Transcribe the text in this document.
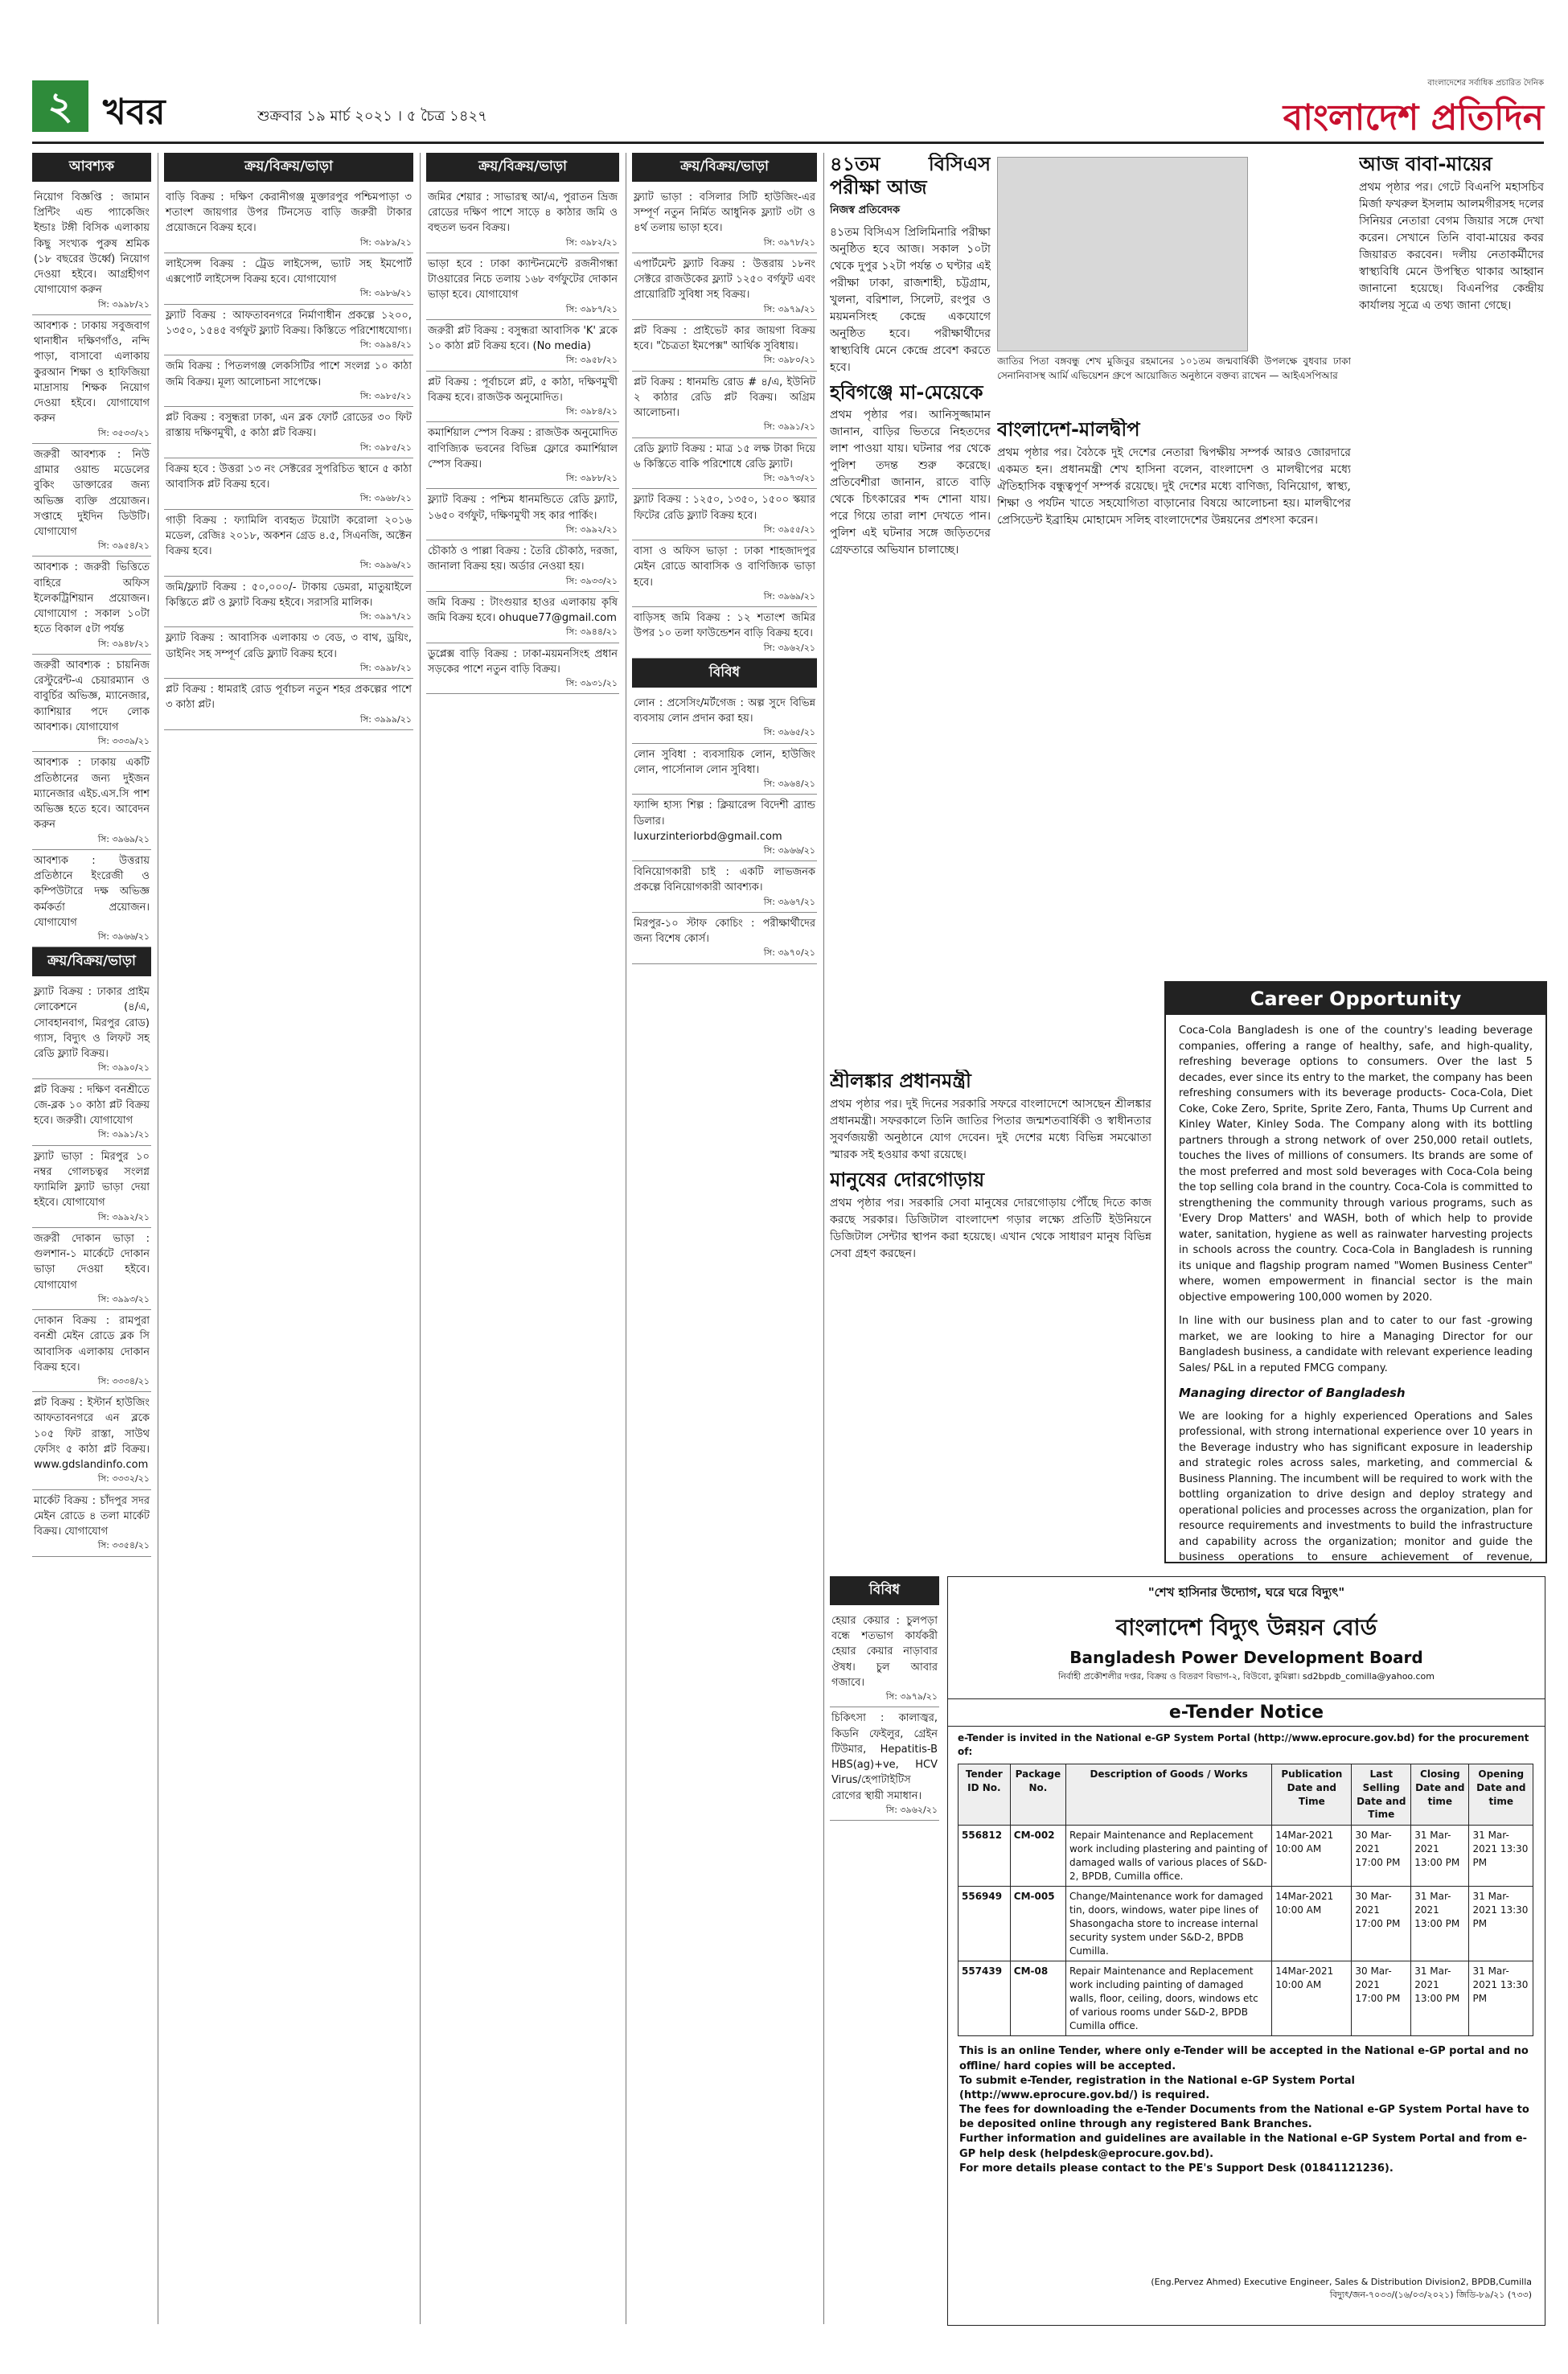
২ খবর	শুক্রবার ১৯ মার্চ ২০২১ । ৫ চৈত্র ১৪২৭
বাংলাদেশের সর্বাধিক প্রচারিত দৈনিক
বাংলাদেশ প্রতিদিন
আবশ্যক
নিয়োগ বিজ্ঞপ্তি : জামান প্রিন্টিং এন্ড প্যাকেজিং ইন্ডাঃ টঙ্গী বিসিক এলাকায় কিছু সংখ্যক পুরুষ শ্রমিক (১৮ বছরের উর্ধ্বে) নিয়োগ দেওয়া হইবে। আগ্রহীগণ যোগাযোগ করুন
সি: ৩৯৯৮/২১
আবশ্যক : ঢাকায় সবুজবাগ থানাধীন দক্ষিণগাঁও, নন্দি পাড়া, বাসাবো এলাকায় কুরআন শিক্ষা ও হাফিজিয়া মাদ্রাসায় শিক্ষক নিয়োগ দেওয়া হইবে। যোগাযোগ করুন
সি: ৩৫৩৩/২১
জরুরী আবশ্যক : নিউ গ্রামার ওয়ান্ড মডেলের বুকিং ডাক্তারের জন্য অভিজ্ঞ ব্যক্তি প্রয়োজন। সপ্তাহে দুইদিন ডিউটি। যোগাযোগ
সি: ৩৯৫৪/২১
আবশ্যক : জরুরী ভিত্তিতে বাহিরে অফিস ইলেকট্রিশিয়ান প্রয়োজন। যোগাযোগ : সকাল ১০টা হতে বিকাল ৫টা পর্যন্ত
সি: ৩৯৪৮/২১
জরুরী আবশ্যক : চায়নিজ রেস্টুরেন্ট-এ চেয়ারম্যান ও বাবুর্চির অভিজ্ঞ, ম্যানেজার, ক্যাশিয়ার পদে লোক আবশ্যক। যোগাযোগ
সি: ৩৩৩৯/২১
আবশ্যক : ঢাকায় একটি প্রতিষ্ঠানের জন্য দুইজন ম্যানেজার এইচ.এস.সি পাশ অভিজ্ঞ হতে হবে। আবেদন করুন
সি: ৩৯৬৯/২১
আবশ্যক : উত্তরায় প্রতিষ্ঠানে ইংরেজী ও কম্পিউটারে দক্ষ অভিজ্ঞ কর্মকর্তা প্রয়োজন। যোগাযোগ
সি: ৩৯৬৬/২১
ক্রয়/বিক্রয়/ভাড়া
ফ্ল্যাট বিক্রয় : ঢাকার প্রাইম লোকেশনে (৪/এ, সোবহানবাগ, মিরপুর রোড) গ্যাস, বিদ্যুৎ ও লিফট সহ রেডি ফ্ল্যাট বিক্রয়।
সি: ৩৯৯০/২১
প্লট বিক্রয় : দক্ষিণ বনশ্রীতে জে-ব্লক ১০ কাঠা প্লট বিক্রয় হবে। জরুরী। যোগাযোগ
সি: ৩৯৯১/২১
ফ্ল্যাট ভাড়া : মিরপুর ১০ নম্বর গোলচত্বর সংলগ্ন ফ্যামিলি ফ্ল্যাট ভাড়া দেয়া হইবে। যোগাযোগ
সি: ৩৯৯২/২১
জরুরী দোকান ভাড়া : গুলশান-১ মার্কেটে দোকান ভাড়া দেওয়া হইবে। যোগাযোগ
সি: ৩৯৯৩/২১
দোকান বিক্রয় : রামপুরা বনশ্রী মেইন রোডে ব্লক সি আবাসিক এলাকায় দোকান বিক্রয় হবে।
সি: ৩৩৩৪/২১
প্লট বিক্রয় : ইস্টার্ন হাউজিং আফতাবনগরে এন ব্লকে ১০৫ ফিট রাস্তা, সাউথ ফেসিং ৫ কাঠা প্লট বিক্রয়। www.gdslandinfo.com
সি: ৩৩৩২/২১
মার্কেট বিক্রয় : চাঁদপুর সদর মেইন রোডে ৪ তলা মার্কেট বিক্রয়। যোগাযোগ
সি: ৩৩৫৪/২১
ক্রয়/বিক্রয়/ভাড়া
বাড়ি বিক্রয় : দক্ষিণ কেরানীগঞ্জ মুক্তারপুর পশ্চিমপাড়া ৩ শতাংশ জায়গার উপর টিনসেড বাড়ি জরুরী টাকার প্রয়োজনে বিক্রয় হবে।
সি: ৩৯৮৯/২১
লাইসেন্স বিক্রয় : ট্রেড লাইসেন্স, ভ্যাট সহ ইমপোর্ট এক্সপোর্ট লাইসেন্স বিক্রয় হবে। যোগাযোগ
সি: ৩৯৮৬/২১
ফ্ল্যাট বিক্রয় : আফতাবনগরে নির্মাণাধীন প্রকল্পে ১২০০, ১৩৫০, ১৫৪৫ বর্গফুট ফ্ল্যাট বিক্রয়। কিস্তিতে পরিশোধযোগ্য।
সি: ৩৯৯৪/২১
জমি বিক্রয় : পিতলগঞ্জ লেকসিটির পাশে সংলগ্ন ১০ কাঠা জমি বিক্রয়। মূল্য আলোচনা সাপেক্ষে।
সি: ৩৯৮৫/২১
প্লট বিক্রয় : বসুন্ধরা ঢাকা, এন ব্লক ফোর্ট রোডের ৩০ ফিট রাস্তায় দক্ষিণমুখী, ৫ কাঠা প্লট বিক্রয়।
সি: ৩৯৮৫/২১
বিক্রয় হবে : উত্তরা ১৩ নং সেক্টরের সুপরিচিত স্থানে ৫ কাঠা আবাসিক প্লট বিক্রয় হবে।
সি: ৩৯৬৮/২১
গাড়ী বিক্রয় : ফ্যামিলি ব্যবহৃত টয়োটা করোলা ২০১৬ মডেল, রেজিঃ ২০১৮, অকশন গ্রেড ৪.৫, সিএনজি, অক্টেন বিক্রয় হবে।
সি: ৩৯৯৬/২১
জমি/ফ্ল্যাট বিক্রয় : ৫০,০০০/- টাকায় ডেমরা, মাতুয়াইলে কিস্তিতে প্লট ও ফ্ল্যাট বিক্রয় হইবে। সরাসরি মালিক।
সি: ৩৯৯৭/২১
ফ্ল্যাট বিক্রয় : আবাসিক এলাকায় ৩ বেড, ৩ বাথ, ড্রয়িং, ডাইনিং সহ সম্পূর্ণ রেডি ফ্ল্যাট বিক্রয় হবে।
সি: ৩৯৯৮/২১
প্লট বিক্রয় : ধামরাই রোড পূর্বাচল নতুন শহর প্রকল্পের পাশে ৩ কাঠা প্লট।
সি: ৩৯৯৯/২১
ক্রয়/বিক্রয়/ভাড়া
জমির শেয়ার : সাভারস্থ আ/এ, পুরাতন ভ্রিজ রোডের দক্ষিণ পাশে সাড়ে ৪ কাঠার জমি ও বহুতল ভবন বিক্রয়।
সি: ৩৯৮২/২১
ভাড়া হবে : ঢাকা ক্যান্টনমেন্টে রজনীগন্ধা টাওয়ারের নিচে তলায় ১৬৮ বর্গফুটের দোকান ভাড়া হবে। যোগাযোগ
সি: ৩৯৮৭/২১
জরুরী প্লট বিক্রয় : বসুন্ধরা আবাসিক 'K' ব্লকে ১০ কাঠা প্লট বিক্রয় হবে। (No media)
সি: ৩৯৫৮/২১
প্লট বিক্রয় : পূর্বাচলে প্লট, ৫ কাঠা, দক্ষিণমুখী বিক্রয় হবে। রাজউক অনুমোদিত।
সি: ৩৯৮৪/২১
কমার্শিয়াল স্পেস বিক্রয় : রাজউক অনুমোদিত বাণিজ্যিক ভবনের বিভিন্ন ফ্লোরে কমার্শিয়াল স্পেস বিক্রয়।
সি: ৩৯৮৮/২১
ফ্ল্যাট বিক্রয় : পশ্চিম ধানমন্ডিতে রেডি ফ্ল্যাট, ১৬৫০ বর্গফুট, দক্ষিণমুখী সহ কার পার্কিং।
সি: ৩৯৯২/২১
চৌকাঠ ও পাল্লা বিক্রয় : তৈরি চৌকাঠ, দরজা, জানালা বিক্রয় হয়। অর্ডার নেওয়া হয়।
সি: ৩৯৩৩/২১
জমি বিক্রয় : টাংগুয়ার হাওর এলাকায় কৃষি জমি বিক্রয় হবে। ohuque77@gmail.com
সি: ৩৯৪৪/২১
ডুপ্লেক্স বাড়ি বিক্রয় : ঢাকা-ময়মনসিংহ প্রধান সড়কের পাশে নতুন বাড়ি বিক্রয়।
সি: ৩৯৩১/২১
ক্রয়/বিক্রয়/ভাড়া
ফ্ল্যাট ভাড়া : বসিলার সিটি হাউজিং-এর সম্পূর্ণ নতুন নির্মিত আধুনিক ফ্ল্যাট ৩টা ও ৪র্থ তলায় ভাড়া হবে।
সি: ৩৯৭৮/২১
এপার্টমেন্ট ফ্ল্যাট বিক্রয় : উত্তরায় ১৮নং সেক্টরে রাজউকের ফ্ল্যাট ১২৫০ বর্গফুট এবং প্রায়োরিটি সুবিধা সহ বিক্রয়।
সি: ৩৯৭৯/২১
প্লট বিক্রয় : প্রাইভেট কার জায়গা বিক্রয় হবে। "চৈত্রতা ইমপেক্স" আর্থিক সুবিধায়।
সি: ৩৯৮০/২১
প্লট বিক্রয় : ধানমন্ডি রোড # ৪/এ, ইউনিট ২ কাঠার রেডি প্লট বিক্রয়। অগ্রিম আলোচনা।
সি: ৩৯৯১/২১
রেডি ফ্ল্যাট বিক্রয় : মাত্র ১৫ লক্ষ টাকা দিয়ে ৬ কিস্তিতে বাকি পরিশোধে রেডি ফ্ল্যাট।
সি: ৩৯৭৩/২১
ফ্ল্যাট বিক্রয় : ১২৫০, ১৩৫০, ১৫০০ স্কয়ার ফিটের রেডি ফ্ল্যাট বিক্রয় হবে।
সি: ৩৯৫৫/২১
বাসা ও অফিস ভাড়া : ঢাকা শাহজাদপুর মেইন রোডে আবাসিক ও বাণিজ্যিক ভাড়া হবে।
সি: ৩৯৬৯/২১
বাড়িসহ জমি বিক্রয় : ১২ শতাংশ জমির উপর ১০ তলা ফাউন্ডেশন বাড়ি বিক্রয় হবে।
সি: ৩৯৬২/২১
বিবিধ
লোন : প্রসেসিং/মর্টগেজ : অল্প সুদে বিভিন্ন ব্যবসায় লোন প্রদান করা হয়।
সি: ৩৯৬৫/২১
লোন সুবিধা : ব্যবসায়িক লোন, হাউজিং লোন, পার্সোনাল লোন সুবিধা।
সি: ৩৯৬৪/২১
ফ্যান্সি হাস্য শিল্প : ক্লিয়ারেন্স বিদেশী ব্র্যান্ড ডিলার। luxurzinteriorbd@gmail.com
সি: ৩৯৬৬/২১
বিনিয়োগকারী চাই : একটি লাভজনক প্রকল্পে বিনিয়োগকারী আবশ্যক।
সি: ৩৯৬৭/২১
মিরপুর-১০ স্টাফ কোচিং : পরীক্ষার্থীদের জন্য বিশেষ কোর্স।
সি: ৩৯৭০/২১
৪১তম বিসিএস পরীক্ষা আজ
নিজস্ব প্রতিবেদক

৪১তম বিসিএস প্রিলিমিনারি পরীক্ষা অনুষ্ঠিত হবে আজ। সকাল ১০টা থেকে দুপুর ১২টা পর্যন্ত ৩ ঘণ্টার এই পরীক্ষা ঢাকা, রাজশাহী, চট্টগ্রাম, খুলনা, বরিশাল, সিলেট, রংপুর ও ময়মনসিংহ কেন্দ্রে একযোগে অনুষ্ঠিত হবে। পরীক্ষার্থীদের স্বাস্থ্যবিধি মেনে কেন্দ্রে প্রবেশ করতে হবে।

হবিগঞ্জে মা-মেয়েকে

প্রথম পৃষ্ঠার পর। আনিসুজ্জামান জানান, বাড়ির ভিতরে নিহতদের লাশ পাওয়া যায়। ঘটনার পর থেকে পুলিশ তদন্ত শুরু করেছে। প্রতিবেশীরা জানান, রাতে বাড়ি থেকে চিৎকারের শব্দ শোনা যায়। পরে গিয়ে তারা লাশ দেখতে পান। পুলিশ এই ঘটনার সঙ্গে জড়িতদের গ্রেফতারে অভিযান চালাচ্ছে।

শ্রীলঙ্কার প্রধানমন্ত্রী

প্রথম পৃষ্ঠার পর। দুই দিনের সরকারি সফরে বাংলাদেশে আসছেন শ্রীলঙ্কার প্রধানমন্ত্রী। সফরকালে তিনি জাতির পিতার জন্মশতবার্ষিকী ও স্বাধীনতার সুবর্ণজয়ন্তী অনুষ্ঠানে যোগ দেবেন। দুই দেশের মধ্যে বিভিন্ন সমঝোতা স্মারক সই হওয়ার কথা রয়েছে।

মানুষের দোরগোড়ায়

প্রথম পৃষ্ঠার পর। সরকারি সেবা মানুষের দোরগোড়ায় পৌঁছে দিতে কাজ করছে সরকার। ডিজিটাল বাংলাদেশ গড়ার লক্ষ্যে প্রতিটি ইউনিয়নে ডিজিটাল সেন্টার স্থাপন করা হয়েছে। এখান থেকে সাধারণ মানুষ বিভিন্ন সেবা গ্রহণ করছেন।

জাতির পিতা বঙ্গবন্ধু শেখ মুজিবুর রহমানের ১০১তম জন্মবার্ষিকী উপলক্ষে বুধবার ঢাকা সেনানিবাসস্থ আর্মি এভিয়েশন গ্রুপে আয়োজিত অনুষ্ঠানে বক্তব্য রাখেন — আইএসপিআর

বাংলাদেশ-মালদ্বীপ

প্রথম পৃষ্ঠার পর। বৈঠকে দুই দেশের নেতারা দ্বিপক্ষীয় সম্পর্ক আরও জোরদারে একমত হন। প্রধানমন্ত্রী শেখ হাসিনা বলেন, বাংলাদেশ ও মালদ্বীপের মধ্যে ঐতিহাসিক বন্ধুত্বপূর্ণ সম্পর্ক রয়েছে। দুই দেশের মধ্যে বাণিজ্য, বিনিয়োগ, স্বাস্থ্য, শিক্ষা ও পর্যটন খাতে সহযোগিতা বাড়ানোর বিষয়ে আলোচনা হয়। মালদ্বীপের প্রেসিডেন্ট ইব্রাহিম মোহামেদ সলিহ বাংলাদেশের উন্নয়নের প্রশংসা করেন।

আজ বাবা-মায়ের

প্রথম পৃষ্ঠার পর। গেটে বিএনপি মহাসচিব মির্জা ফখরুল ইসলাম আলমগীরসহ দলের সিনিয়র নেতারা বেগম জিয়ার সঙ্গে দেখা করেন। সেখানে তিনি বাবা-মায়ের কবর জিয়ারত করবেন। দলীয় নেতাকর্মীদের স্বাস্থ্যবিধি মেনে উপস্থিত থাকার আহ্বান জানানো হয়েছে। বিএনপির কেন্দ্রীয় কার্যালয় সূত্রে এ তথ্য জানা গেছে।

Career Opportunity

Coca-Cola Bangladesh is one of the country's leading beverage companies, offering a range of healthy, safe, and high-quality, refreshing beverage options to consumers. Over the last 5 decades, ever since its entry to the market, the company has been refreshing consumers with its beverage products- Coca-Cola, Diet Coke, Coke Zero, Sprite, Sprite Zero, Fanta, Thums Up Current and Kinley Water, Kinley Soda. The Company along with its bottling partners through a strong network of over 250,000 retail outlets, touches the lives of millions of consumers. Its brands are some of the most preferred and most sold beverages with Coca-Cola being the top selling cola brand in the country. Coca-Cola is committed to strengthening the community through various programs, such as 'Every Drop Matters' and WASH, both of which help to provide water, sanitation, hygiene as well as rainwater harvesting projects in schools across the country. Coca-Cola in Bangladesh is running its unique and flagship program named "Women Business Center" where, women empowerment in financial sector is the main objective empowering 100,000 women by 2020.

In line with our business plan and to cater to our fast -growing market, we are looking to hire a Managing Director for our Bangladesh business, a candidate with relevant experience leading Sales/ P&L in a reputed FMCG company.

Managing director of Bangladesh

We are looking for a highly experienced Operations and Sales professional, with strong international experience over 10 years in the Beverage industry who has significant exposure in leadership and strategic roles across sales, marketing, and commercial & Business Planning. The incumbent will be required to work with the bottling organization to drive design and deploy strategy and operational policies and processes across the organization, plan for resource requirements and investments to build the infrastructure and capability across the organization; monitor and guide the business operations to ensure achievement of revenue,

বিবিধ
হেয়ার কেয়ার : চুলপড়া বন্ধে শতভাগ কার্যকরী হেয়ার কেয়ার নাড়াবার ঔষধ। চুল আবার গজাবে।
সি: ৩৯৭৯/২১
চিকিৎসা : কালাজ্বর, কিডনি ফেইলুর, গ্রেইন টিউমার, Hepatitis-B HBS(ag)+ve, HCV Virus/হেপাটাইটিস রোগের স্থায়ী সমাধান।
সি: ৩৯৬২/২১
"শেখ হাসিনার উদ্যোগ, ঘরে ঘরে বিদ্যুৎ"
বাংলাদেশ বিদ্যুৎ উন্নয়ন বোর্ড
Bangladesh Power Development Board
নির্বাহী প্রকৌশলীর দপ্তর, বিক্রয় ও বিতরণ বিভাগ-২, বিউবো, কুমিল্লা। sd2bpdb_comilla@yahoo.com
e-Tender Notice
e-Tender is invited in the National e-GP System Portal (http://www.eprocure.gov.bd) for the procurement of:
Tender ID No.	Package No.	Description of Goods / Works	Publication Date and Time	Last Selling Date and Time	Closing Date and time	Opening Date and time
556812	CM-002	Repair Maintenance and Replacement work including plastering and painting of damaged walls of various places of S&D-2, BPDB, Cumilla office.	14Mar-2021 10:00 AM	30 Mar-2021 17:00 PM	31 Mar-2021 13:00 PM	31 Mar-2021 13:30 PM
556949	CM-005	Change/Maintenance work for damaged tin, doors, windows, water pipe lines of Shasongacha store to increase internal security system under S&D-2, BPDB Cumilla.	14Mar-2021 10:00 AM	30 Mar-2021 17:00 PM	31 Mar-2021 13:00 PM	31 Mar-2021 13:30 PM
557439	CM-08	Repair Maintenance and Replacement work including painting of damaged walls, floor, ceiling, doors, windows etc of various rooms under S&D-2, BPDB Cumilla office.	14Mar-2021 10:00 AM	30 Mar-2021 17:00 PM	31 Mar-2021 13:00 PM	31 Mar-2021 13:30 PM
This is an online Tender, where only e-Tender will be accepted in the National e-GP portal and no offline/ hard copies will be accepted.
To submit e-Tender, registration in the National e-GP System Portal (http://www.eprocure.gov.bd/) is required.
The fees for downloading the e-Tender Documents from the National e-GP System Portal have to be deposited online through any registered Bank Branches.
Further information and guidelines are available in the National e-GP System Portal and from e-GP help desk (helpdesk@eprocure.gov.bd).
For more details please contact to the PE's Support Desk (01841121236).
(Eng.Pervez Ahmed) Executive Engineer, Sales & Distribution Division2, BPDB,Cumilla
বিদ্যুৎ/জন-৭০৩৩/(১৬/০৩/২০২১) জিডি-৮৯/২১ (৭৩৩)
